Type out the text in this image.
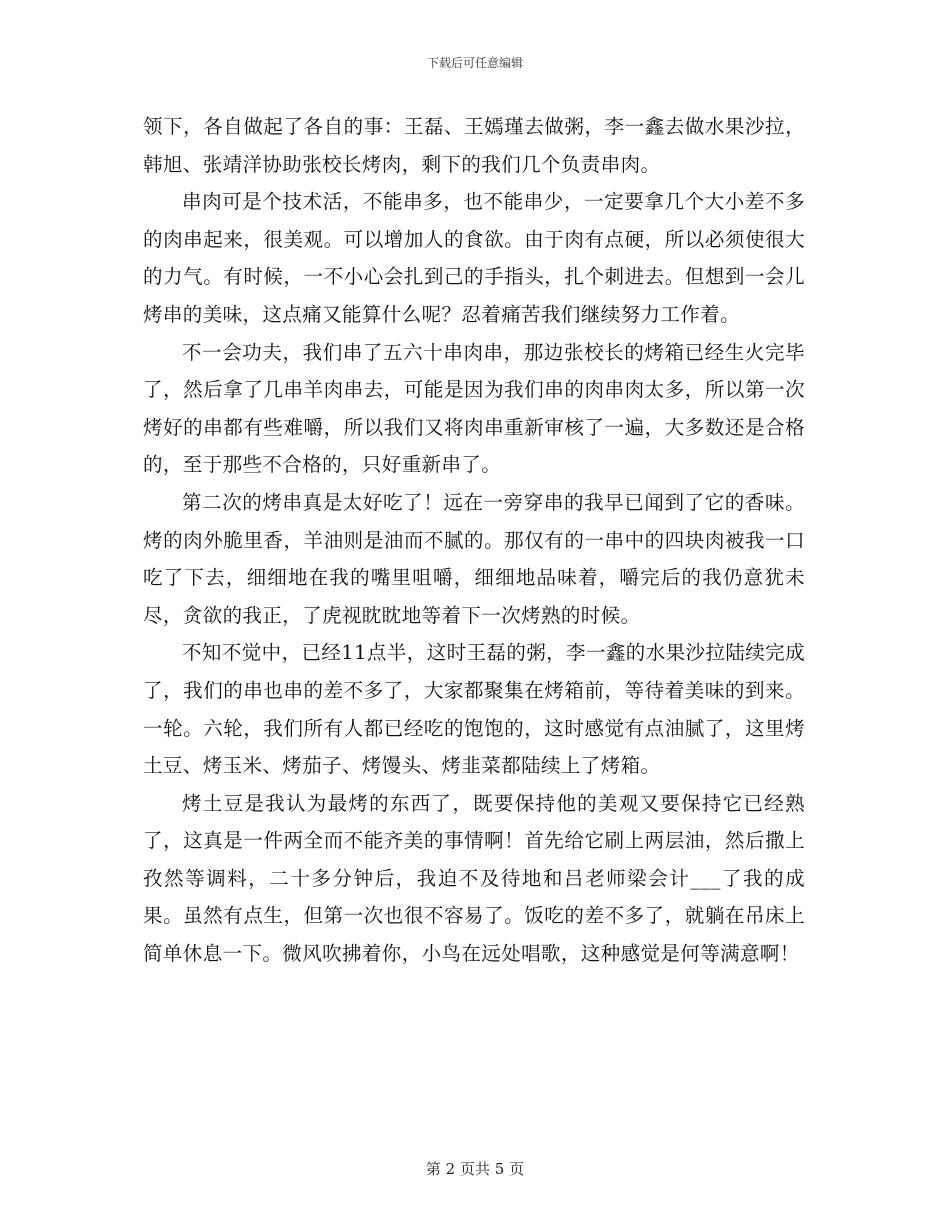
下载后可任意编辑

领下，各自做起了各自的事：王磊、王嫣瑾去做粥，李一鑫去做水果沙拉，韩旭、张靖洋协助张校长烤肉，剩下的我们几个负责串肉。

串肉可是个技术活，不能串多，也不能串少，一定要拿几个大小差不多的肉串起来，很美观。可以增加人的食欲。由于肉有点硬，所以必须使很大的力气。有时候，一不小心会扎到己的手指头，扎个刺进去。但想到一会儿烤串的美味，这点痛又能算什么呢？忍着痛苦我们继续努力工作着。

不一会功夫，我们串了五六十串肉串，那边张校长的烤箱已经生火完毕了，然后拿了几串羊肉串去，可能是因为我们串的肉串肉太多，所以第一次烤好的串都有些难嚼，所以我们又将肉串重新审核了一遍，大多数还是合格的，至于那些不合格的，只好重新串了。

第二次的烤串真是太好吃了！远在一旁穿串的我早已闻到了它的香味。烤的肉外脆里香，羊油则是油而不腻的。那仅有的一串中的四块肉被我一口吃了下去，细细地在我的嘴里咀嚼，细细地品味着，嚼完后的我仍意犹未尽，贪欲的我正，了虎视眈眈地等着下一次烤熟的时候。

不知不觉中，已经11点半，这时王磊的粥，李一鑫的水果沙拉陆续完成了，我们的串也串的差不多了，大家都聚集在烤箱前，等待着美味的到来。一轮。六轮，我们所有人都已经吃的饱饱的，这时感觉有点油腻了，这里烤土豆、烤玉米、烤茄子、烤馒头、烤韭菜都陆续上了烤箱。

烤土豆是我认为最烤的东西了，既要保持他的美观又要保持它已经熟了，这真是一件两全而不能齐美的事情啊！首先给它刷上两层油，然后撒上孜然等调料，二十多分钟后，我迫不及待地和吕老师梁会计___了我的成果。虽然有点生，但第一次也很不容易了。饭吃的差不多了，就躺在吊床上简单休息一下。微风吹拂着你，小鸟在远处唱歌，这种感觉是何等满意啊！

第 2 页共 5 页
